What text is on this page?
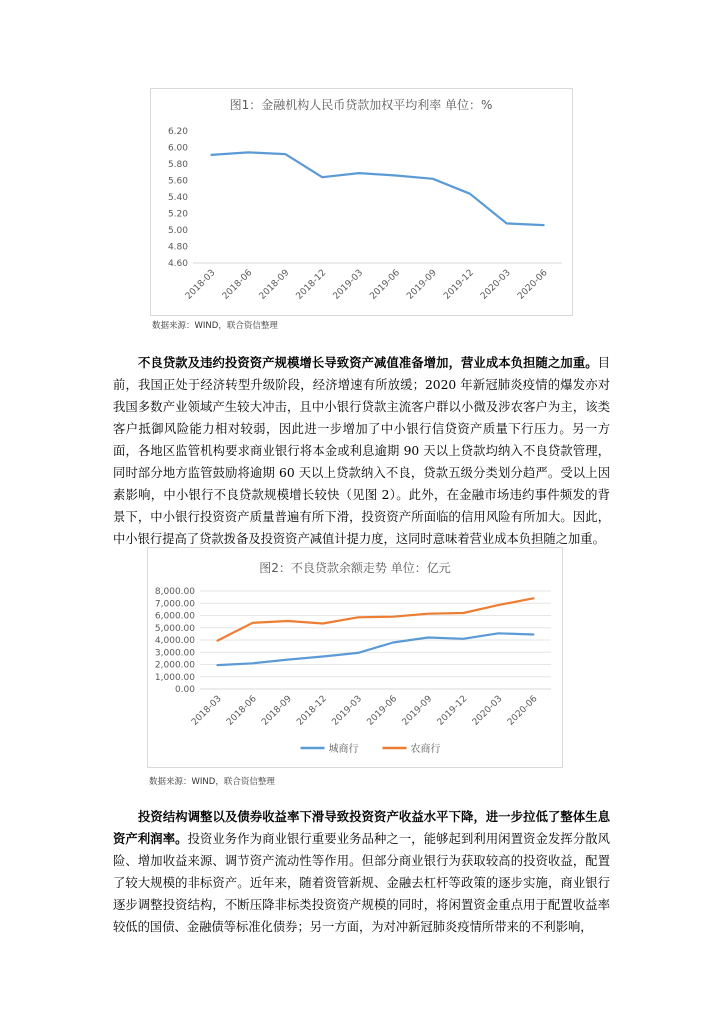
图1：金融机构人民币贷款加权平均利率 单位：%
4.60
4.80
5.00
5.20
5.40
5.60
5.80
6.00
6.20
2018-03 2018-06 2018-09 2018-12 2019-03 2019-06 2019-09 2019-12 2020-03 2020-06
数据来源：WIND，联合资信整理

不良贷款及违约投资资产规模增长导致资产减值准备增加，营业成本负担随之加重。目前，我国正处于经济转型升级阶段，经济增速有所放缓；2020 年新冠肺炎疫情的爆发亦对我国多数产业领域产生较大冲击，且中小银行贷款主流客户群以小微及涉农客户为主，该类客户抵御风险能力相对较弱，因此进一步增加了中小银行信贷资产质量下行压力。另一方面，各地区监管机构要求商业银行将本金或利息逾期 90 天以上贷款均纳入不良贷款管理，同时部分地方监管鼓励将逾期 60 天以上贷款纳入不良，贷款五级分类划分趋严。受以上因素影响，中小银行不良贷款规模增长较快（见图 2）。此外，在金融市场违约事件频发的背景下，中小银行投资资产质量普遍有所下滑，投资资产所面临的信用风险有所加大。因此，中小银行提高了贷款拨备及投资资产减值计提力度，这同时意味着营业成本负担随之加重。

图2：不良贷款余额走势 单位：亿元
0.00
1,000.00
2,000.00
3,000.00
4,000.00
5,000.00
6,000.00
7,000.00
8,000.00
2018-03 2018-06 2018-09 2018-12 2019-03 2019-06 2019-09 2019-12 2020-03 2020-06
城商行	农商行
数据来源：WIND，联合资信整理

投资结构调整以及债券收益率下滑导致投资资产收益水平下降，进一步拉低了整体生息资产利润率。投资业务作为商业银行重要业务品种之一，能够起到利用闲置资金发挥分散风险、增加收益来源、调节资产流动性等作用。但部分商业银行为获取较高的投资收益，配置了较大规模的非标资产。近年来，随着资管新规、金融去杠杆等政策的逐步实施，商业银行逐步调整投资结构，不断压降非标类投资资产规模的同时，将闲置资金重点用于配置收益率较低的国债、金融债等标准化债券；另一方面，为对冲新冠肺炎疫情所带来的不利影响，
